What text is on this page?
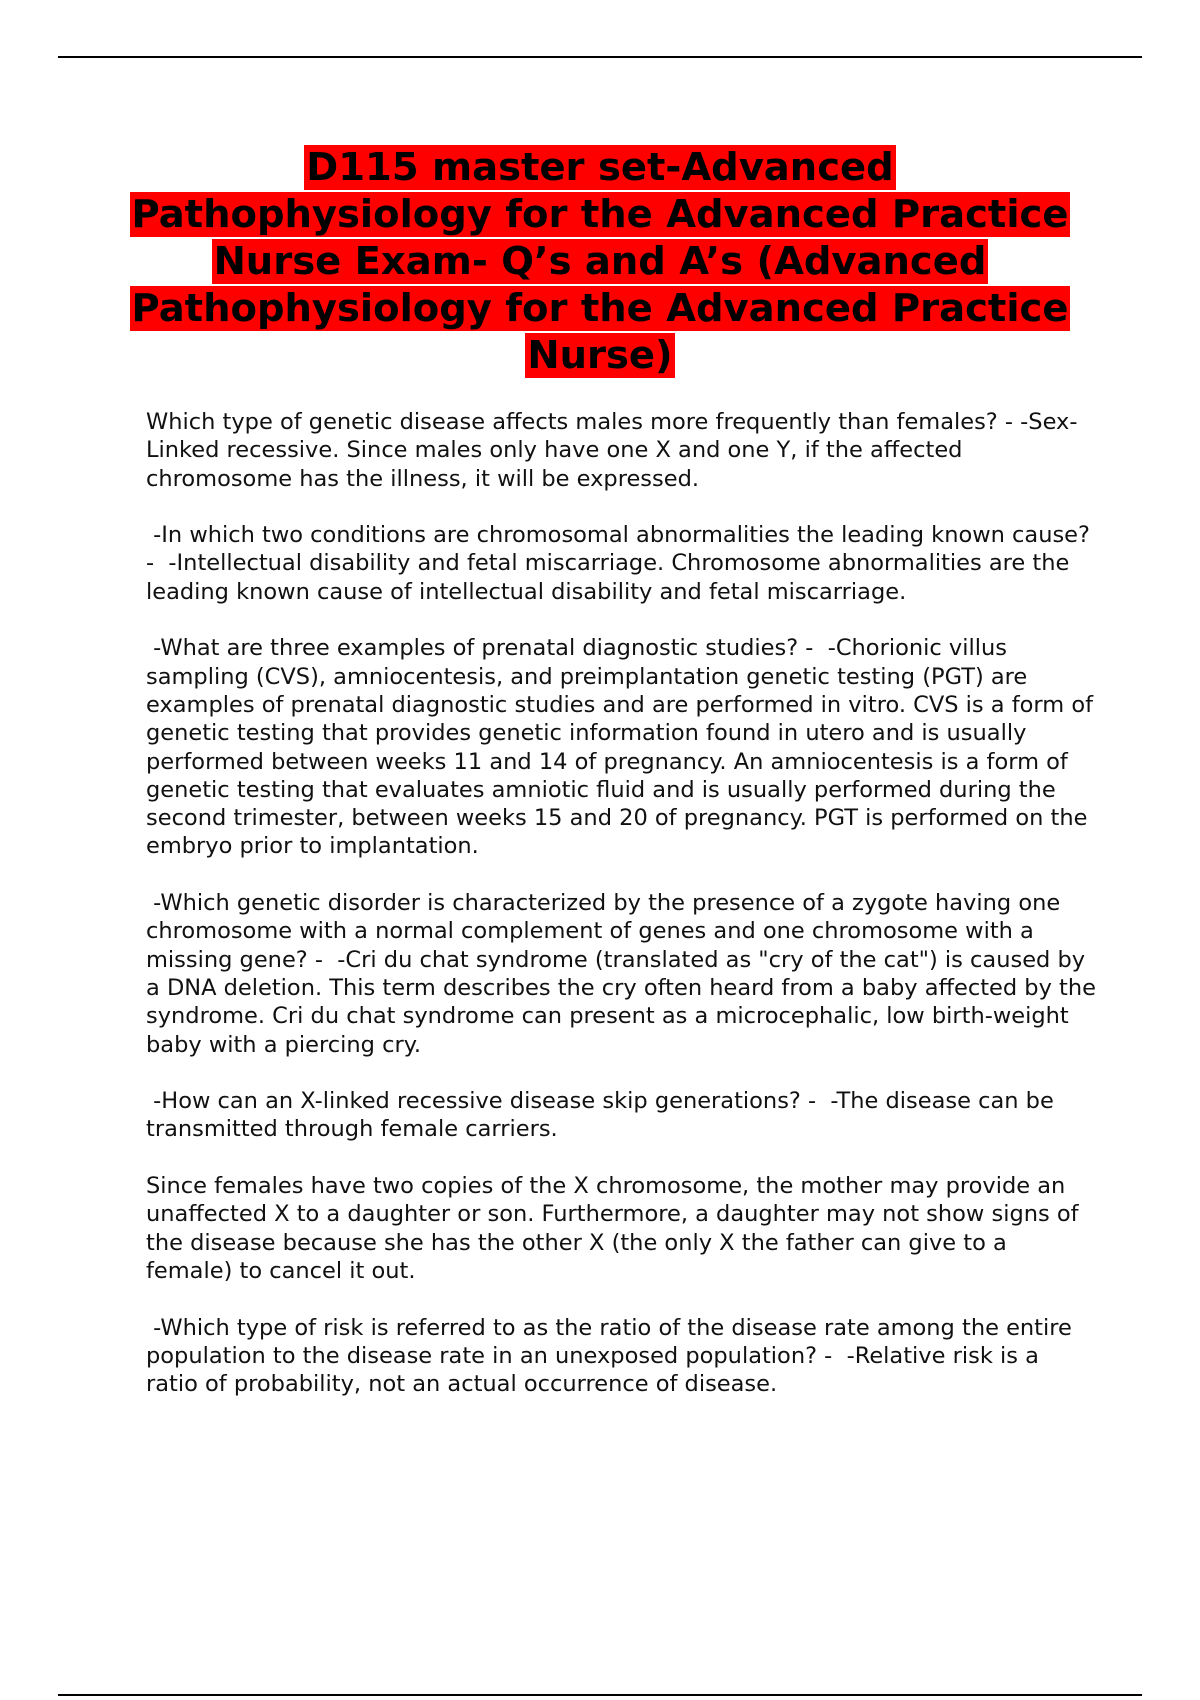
D115 master set-Advanced Pathophysiology for the Advanced Practice Nurse Exam- Q’s and A’s (Advanced Pathophysiology for the Advanced Practice Nurse)

Which type of genetic disease affects males more frequently than females? - -Sex-Linked recessive. Since males only have one X and one Y, if the affected chromosome has the illness, it will be expressed.

-In which two conditions are chromosomal abnormalities the leading known cause? -  -Intellectual disability and fetal miscarriage. Chromosome abnormalities are the leading known cause of intellectual disability and fetal miscarriage.

-What are three examples of prenatal diagnostic studies? -  -Chorionic villus sampling (CVS), amniocentesis, and preimplantation genetic testing (PGT) are examples of prenatal diagnostic studies and are performed in vitro. CVS is a form of genetic testing that provides genetic information found in utero and is usually performed between weeks 11 and 14 of pregnancy. An amniocentesis is a form of genetic testing that evaluates amniotic fluid and is usually performed during the second trimester, between weeks 15 and 20 of pregnancy. PGT is performed on the embryo prior to implantation.

-Which genetic disorder is characterized by the presence of a zygote having one chromosome with a normal complement of genes and one chromosome with a missing gene? -  -Cri du chat syndrome (translated as "cry of the cat") is caused by a DNA deletion. This term describes the cry often heard from a baby affected by the syndrome. Cri du chat syndrome can present as a microcephalic, low birth-weight baby with a piercing cry.

-How can an X-linked recessive disease skip generations? -  -The disease can be transmitted through female carriers.

Since females have two copies of the X chromosome, the mother may provide an unaffected X to a daughter or son. Furthermore, a daughter may not show signs of the disease because she has the other X (the only X the father can give to a female) to cancel it out.

-Which type of risk is referred to as the ratio of the disease rate among the entire population to the disease rate in an unexposed population? -  -Relative risk is a ratio of probability, not an actual occurrence of disease.
